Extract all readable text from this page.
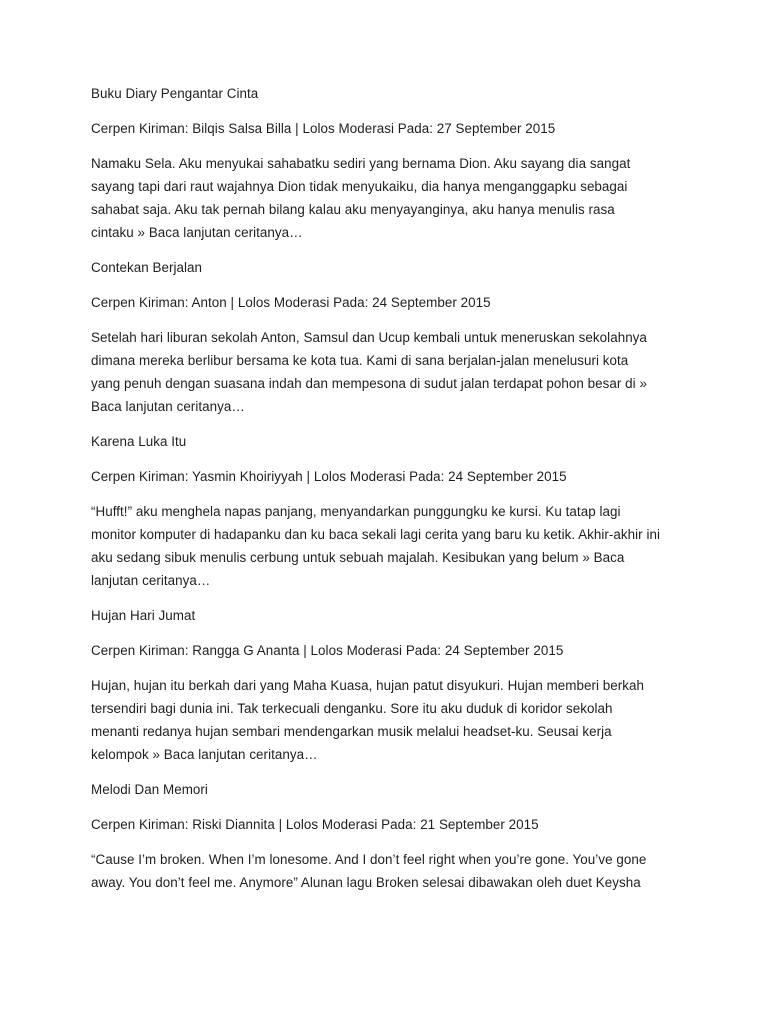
Buku Diary Pengantar Cinta

Cerpen Kiriman: Bilqis Salsa Billa | Lolos Moderasi Pada: 27 September 2015

Namaku Sela. Aku menyukai sahabatku sediri yang bernama Dion. Aku sayang dia sangat sayang tapi dari raut wajahnya Dion tidak menyukaiku, dia hanya menganggapku sebagai sahabat saja. Aku tak pernah bilang kalau aku menyayanginya, aku hanya menulis rasa cintaku » Baca lanjutan ceritanya…

Contekan Berjalan

Cerpen Kiriman: Anton | Lolos Moderasi Pada: 24 September 2015

Setelah hari liburan sekolah Anton, Samsul dan Ucup kembali untuk meneruskan sekolahnya dimana mereka berlibur bersama ke kota tua. Kami di sana berjalan-jalan menelusuri kota yang penuh dengan suasana indah dan mempesona di sudut jalan terdapat pohon besar di » Baca lanjutan ceritanya…

Karena Luka Itu

Cerpen Kiriman: Yasmin Khoiriyyah | Lolos Moderasi Pada: 24 September 2015

“Hufft!” aku menghela napas panjang, menyandarkan punggungku ke kursi. Ku tatap lagi monitor komputer di hadapanku dan ku baca sekali lagi cerita yang baru ku ketik. Akhir-akhir ini aku sedang sibuk menulis cerbung untuk sebuah majalah. Kesibukan yang belum » Baca lanjutan ceritanya…

Hujan Hari Jumat

Cerpen Kiriman: Rangga G Ananta | Lolos Moderasi Pada: 24 September 2015

Hujan, hujan itu berkah dari yang Maha Kuasa, hujan patut disyukuri. Hujan memberi berkah tersendiri bagi dunia ini. Tak terkecuali denganku. Sore itu aku duduk di koridor sekolah menanti redanya hujan sembari mendengarkan musik melalui headset-ku. Seusai kerja kelompok » Baca lanjutan ceritanya…

Melodi Dan Memori

Cerpen Kiriman: Riski Diannita | Lolos Moderasi Pada: 21 September 2015

“Cause I’m broken. When I’m lonesome. And I don’t feel right when you’re gone. You’ve gone away. You don’t feel me. Anymore” Alunan lagu Broken selesai dibawakan oleh duet Keysha
